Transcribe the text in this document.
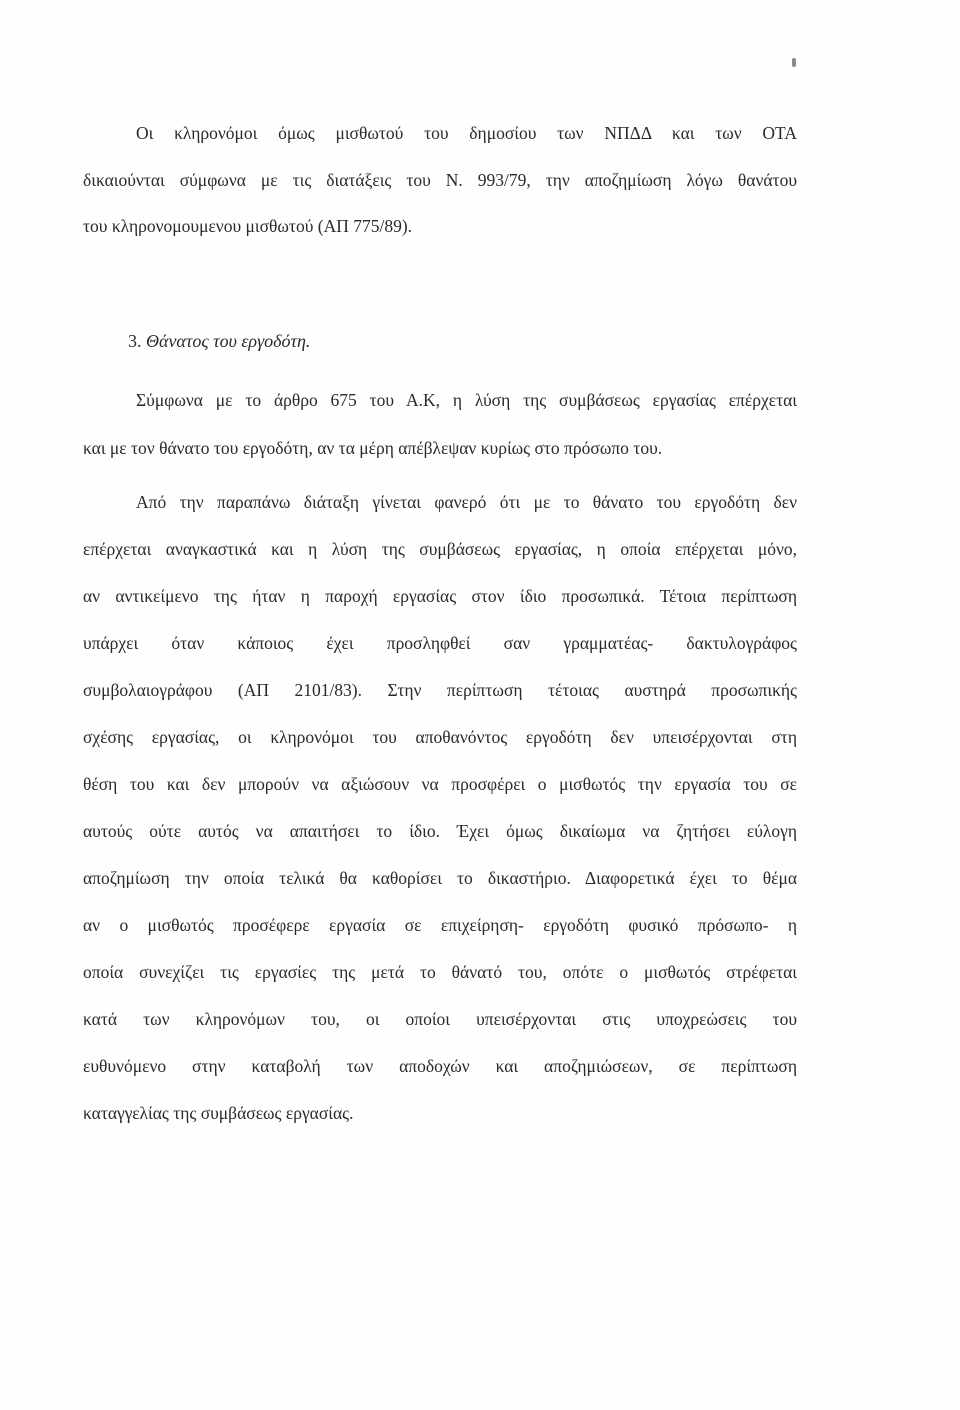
Οι κληρονόμοι όμως μισθωτού του δημοσίου των ΝΠΔΔ και των ΟΤΑ
δικαιούνται σύμφωνα με τις διατάξεις του Ν. 993/79, την αποζημίωση λόγω θανάτου
του κληρονομουμενου μισθωτού (ΑΠ 775/89).
3. Θάνατος του εργοδότη.
Σύμφωνα με το άρθρο 675 του Α.Κ, η λύση της συμβάσεως εργασίας επέρχεται
και με τον θάνατο του εργοδότη, αν τα μέρη απέβλεψαν κυρίως στο πρόσωπο του.
Από την παραπάνω διάταξη γίνεται φανερό ότι με το θάνατο του εργοδότη δεν
επέρχεται αναγκαστικά και η λύση της συμβάσεως εργασίας, η οποία επέρχεται μόνο,
αν αντικείμενο της ήταν η παροχή εργασίας στον ίδιο προσωπικά. Τέτοια περίπτωση
υπάρχει όταν κάποιος έχει προσληφθεί σαν γραμματέας- δακτυλογράφος
συμβολαιογράφου (ΑΠ 2101/83). Στην περίπτωση τέτοιας αυστηρά προσωπικής
σχέσης εργασίας, οι κληρονόμοι του αποθανόντος εργοδότη δεν υπεισέρχονται στη
θέση του και δεν μπορούν να αξιώσουν να προσφέρει ο μισθωτός την εργασία του σε
αυτούς ούτε αυτός να απαιτήσει το ίδιο. Έχει όμως δικαίωμα να ζητήσει εύλογη
αποζημίωση την οποία τελικά θα καθορίσει το δικαστήριο. Διαφορετικά έχει το θέμα
αν ο μισθωτός προσέφερε εργασία σε επιχείρηση- εργοδότη φυσικό πρόσωπο- η
οποία συνεχίζει τις εργασίες της μετά το θάνατό του, οπότε ο μισθωτός στρέφεται
κατά των κληρονόμων του, οι οποίοι υπεισέρχονται στις υποχρεώσεις του
ευθυνόμενο στην καταβολή των αποδοχών και αποζημιώσεων, σε περίπτωση
καταγγελίας της συμβάσεως εργασίας.
